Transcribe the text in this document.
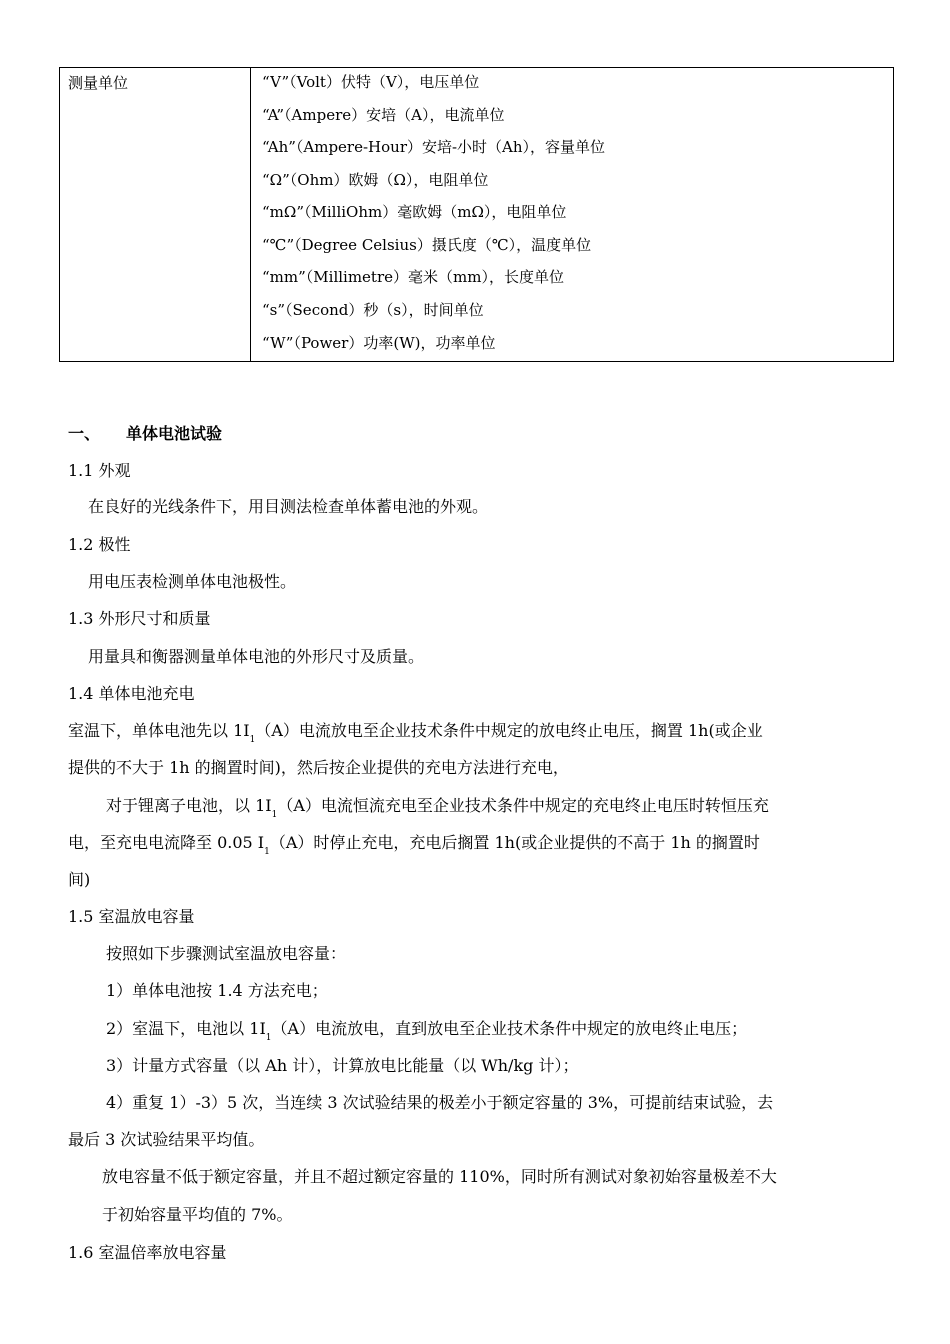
测量单位	“V”（Volt）伏特（V），电压单位
“A”（Ampere）安培（A），电流单位
“Ah”（Ampere-Hour）安培-小时（Ah），容量单位
“Ω”（Ohm）欧姆（Ω），电阻单位
“mΩ”（MilliOhm）毫欧姆（mΩ），电阻单位
“℃”（Degree Celsius）摄氏度（℃），温度单位
“mm”（Millimetre）毫米（mm），长度单位
“s”（Second）秒（s），时间单位
“W”（Power）功率(W)，功率单位
一、 单体电池试验
1.1 外观
在良好的光线条件下，用目测法检查单体蓄电池的外观。
1.2 极性
用电压表检测单体电池极性。
1.3 外形尺寸和质量
用量具和衡器测量单体电池的外形尺寸及质量。
1.4 单体电池充电
室温下，单体电池先以 $1I_1(A)$电流放电至企业技术条件中规定的放电终止电压，搁置 1h(或企业
提供的不大于 1h 的搁置时间)，然后按企业提供的充电方法进行充电，
对于锂离子电池，以 $1I_1(A)$电流恒流充电至企业技术条件中规定的充电终止电压时转恒压充
电，至充电电流降至 0.05 $I_1(A)$时停止充电，充电后搁置 1h(或企业提供的不高于 1h 的搁置时
间)
1.5 室温放电容量
按照如下步骤测试室温放电容量：
1）单体电池按 1.4 方法充电；
2）室温下，电池以 $1I_1(A)$电流放电，直到放电至企业技术条件中规定的放电终止电压；
3）计量方式容量（以 Ah 计），计算放电比能量（以 Wh/kg 计）；
4）重复 1）-3）5 次，当连续 3 次试验结果的极差小于额定容量的 3%，可提前结束试验，去
最后 3 次试验结果平均值。
放电容量不低于额定容量，并且不超过额定容量的 110%，同时所有测试对象初始容量极差不大
于初始容量平均值的 7%。
1.6 室温倍率放电容量
